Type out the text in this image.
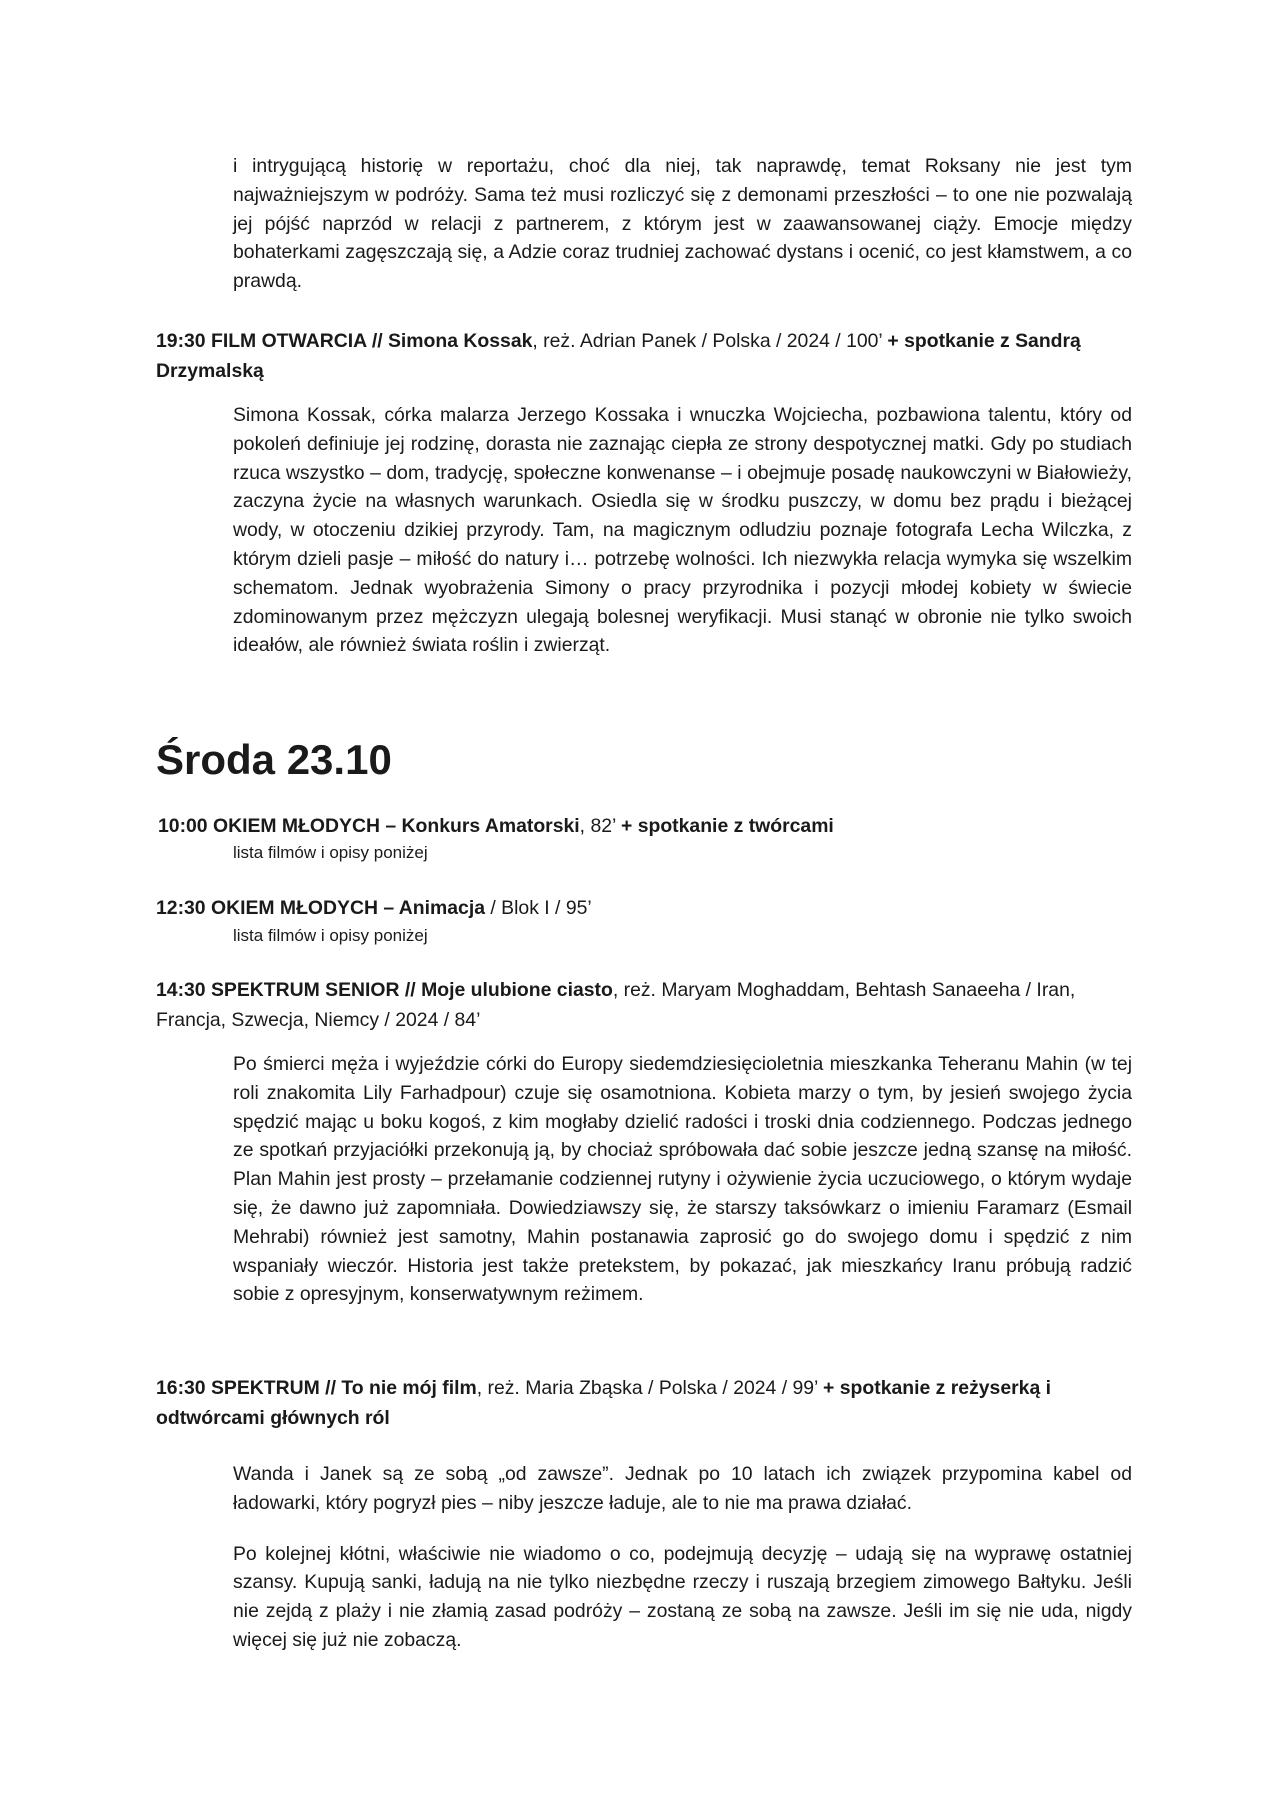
i intrygującą historię w reportażu, choć dla niej, tak naprawdę, temat Roksany nie jest tym najważniejszym w podróży. Sama też musi rozliczyć się z demonami przeszłości – to one nie pozwalają jej pójść naprzód w relacji z partnerem, z którym jest w zaawansowanej ciąży. Emocje między bohaterkami zagęszczają się, a Adzie coraz trudniej zachować dystans i ocenić, co jest kłamstwem, a co prawdą.

19:30 FILM OTWARCIA // Simona Kossak, reż. Adrian Panek / Polska / 2024 / 100’ + spotkanie z Sandrą Drzymalską

Simona Kossak, córka malarza Jerzego Kossaka i wnuczka Wojciecha, pozbawiona talentu, który od pokoleń definiuje jej rodzinę, dorasta nie zaznając ciepła ze strony despotycznej matki. Gdy po studiach rzuca wszystko – dom, tradycję, społeczne konwenanse – i obejmuje posadę naukowczyni w Białowieży, zaczyna życie na własnych warunkach. Osiedla się w środku puszczy, w domu bez prądu i bieżącej wody, w otoczeniu dzikiej przyrody. Tam, na magicznym odludziu poznaje fotografa Lecha Wilczka, z którym dzieli pasje – miłość do natury i… potrzebę wolności. Ich niezwykła relacja wymyka się wszelkim schematom. Jednak wyobrażenia Simony o pracy przyrodnika i pozycji młodej kobiety w świecie zdominowanym przez mężczyzn ulegają bolesnej weryfikacji. Musi stanąć w obronie nie tylko swoich ideałów, ale również świata roślin i zwierząt.

Środa 23.10
10:00 OKIEM MŁODYCH – Konkurs Amatorski, 82’ + spotkanie z twórcami
lista filmów i opisy poniżej
12:30 OKIEM MŁODYCH – Animacja / Blok I / 95’
lista filmów i opisy poniżej
14:30 SPEKTRUM SENIOR // Moje ulubione ciasto, reż. Maryam Moghaddam, Behtash Sanaeeha / Iran, Francja, Szwecja, Niemcy / 2024 / 84’

Po śmierci męża i wyjeździe córki do Europy siedemdziesięcioletnia mieszkanka Teheranu Mahin (w tej roli znakomita Lily Farhadpour) czuje się osamotniona. Kobieta marzy o tym, by jesień swojego życia spędzić mając u boku kogoś, z kim mogłaby dzielić radości i troski dnia codziennego. Podczas jednego ze spotkań przyjaciółki przekonują ją, by chociaż spróbowała dać sobie jeszcze jedną szansę na miłość. Plan Mahin jest prosty – przełamanie codziennej rutyny i ożywienie życia uczuciowego, o którym wydaje się, że dawno już zapomniała. Dowiedziawszy się, że starszy taksówkarz o imieniu Faramarz (Esmail Mehrabi) również jest samotny, Mahin postanawia zaprosić go do swojego domu i spędzić z nim wspaniały wieczór. Historia jest także pretekstem, by pokazać, jak mieszkańcy Iranu próbują radzić sobie z opresyjnym, konserwatywnym reżimem.

16:30 SPEKTRUM // To nie mój film, reż. Maria Zbąska / Polska / 2024 / 99’ + spotkanie z reżyserką i odtwórcami głównych ról

Wanda i Janek są ze sobą „od zawsze”. Jednak po 10 latach ich związek przypomina kabel od ładowarki, który pogryzł pies – niby jeszcze ładuje, ale to nie ma prawa działać.

Po kolejnej kłótni, właściwie nie wiadomo o co, podejmują decyzję – udają się na wyprawę ostatniej szansy. Kupują sanki, ładują na nie tylko niezbędne rzeczy i ruszają brzegiem zimowego Bałtyku. Jeśli nie zejdą z plaży i nie złamią zasad podróży – zostaną ze sobą na zawsze. Jeśli im się nie uda, nigdy więcej się już nie zobaczą.
